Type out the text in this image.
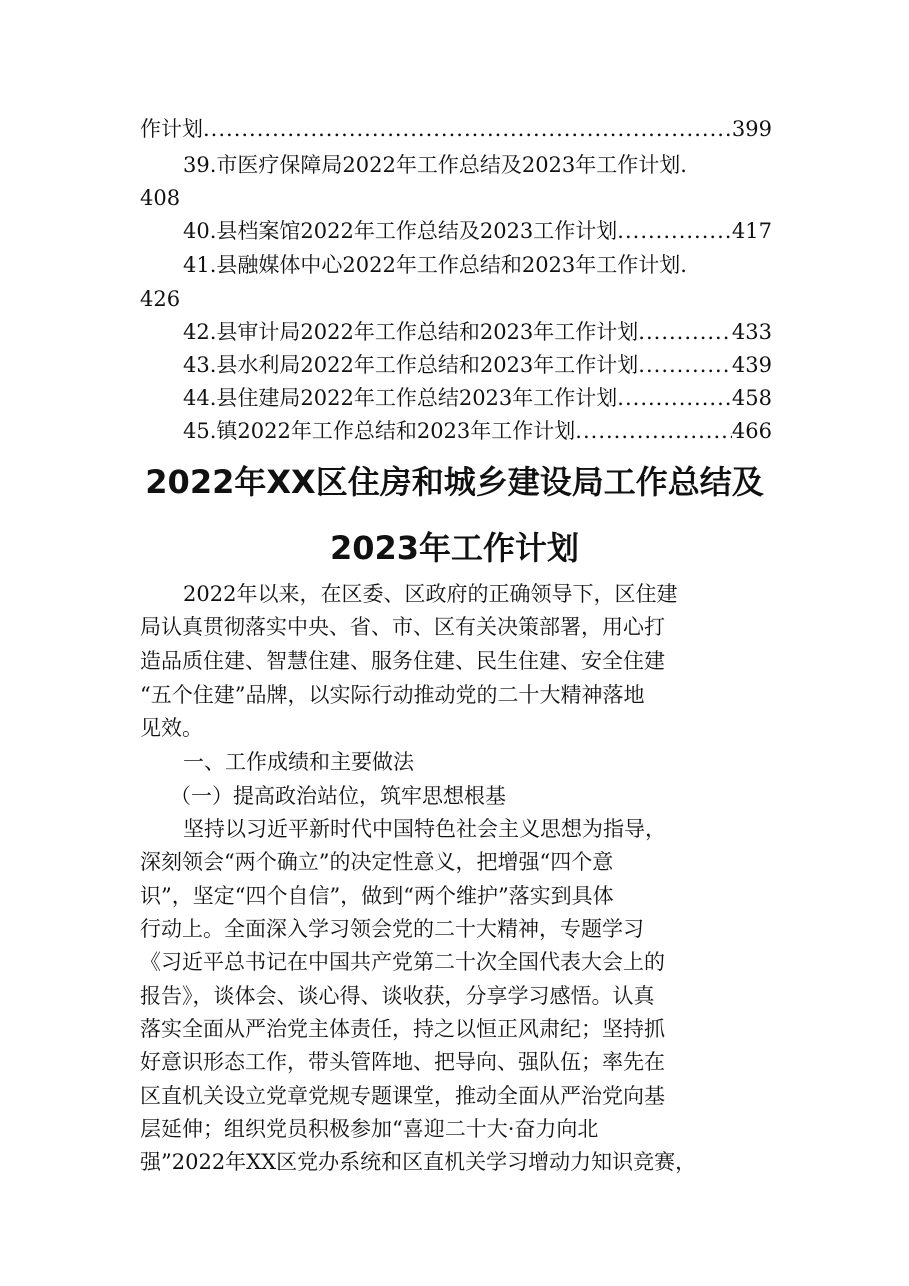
作计划 .....	399
39.市医疗保障局2022年工作总结及2023年工作计划.
408
40.县档案馆2022年工作总结及2023工作计划 .....	417
41.县融媒体中心2022年工作总结和2023年工作计划.
426
42.县审计局2022年工作总结和2023年工作计划 .....	433
43.县水利局2022年工作总结和2023年工作计划 .....	439
44.县住建局2022年工作总结2023年工作计划 .....	458
45.镇2022年工作总结和2023年工作计划 .....	466
2022年XX区住房和城乡建设局工作总结及
2023年工作计划
2022年以来，在区委、区政府的正确领导下，区住建
局认真贯彻落实中央、省、市、区有关决策部署，用心打
造品质住建、智慧住建、服务住建、民生住建、安全住建
“五个住建”品牌，以实际行动推动党的二十大精神落地
见效。
一、工作成绩和主要做法
（一）提高政治站位，筑牢思想根基
坚持以习近平新时代中国特色社会主义思想为指导，
深刻领会“两个确立”的决定性意义，把增强“四个意
识”，坚定“四个自信”，做到“两个维护”落实到具体
行动上。全面深入学习领会党的二十大精神，专题学习
《习近平总书记在中国共产党第二十次全国代表大会上的
报告》，谈体会、谈心得、谈收获，分享学习感悟。认真
落实全面从严治党主体责任，持之以恒正风肃纪；坚持抓
好意识形态工作，带头管阵地、把导向、强队伍；率先在
区直机关设立党章党规专题课堂，推动全面从严治党向基
层延伸；组织党员积极参加“喜迎二十大·奋力向北
强”2022年XX区党办系统和区直机关学习增动力知识竞赛，
